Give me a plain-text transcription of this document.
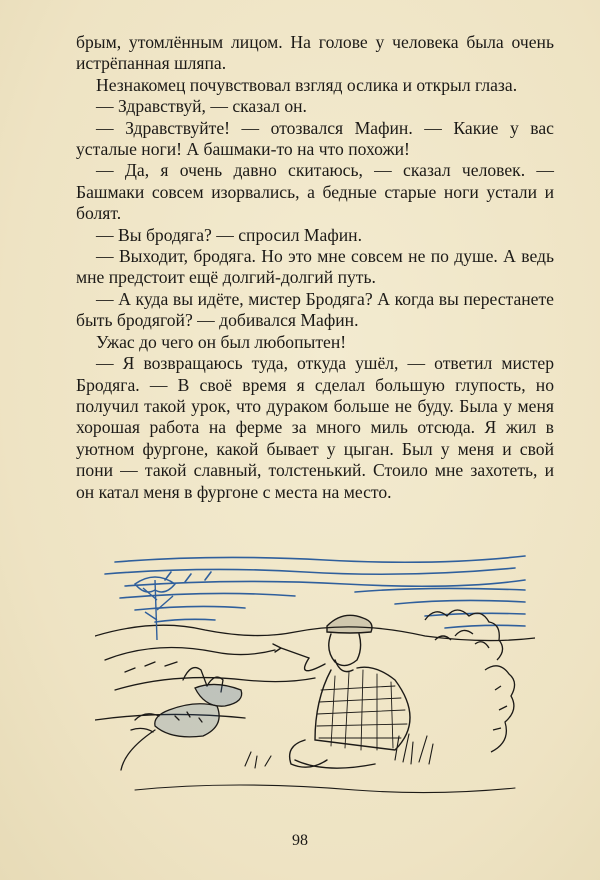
брым, утомлённым лицом. На голове у человека была очень истрёпанная шляпа.

Незнакомец почувствовал взгляд ослика и открыл глаза.

— Здравствуй, — сказал он.

— Здравствуйте! — отозвался Мафин. — Какие у вас усталые ноги! А башмаки-то на что похожи!

— Да, я очень давно скитаюсь, — сказал человек. — Башмаки совсем изорвались, а бедные старые ноги устали и болят.

— Вы бродяга? — спросил Мафин.

— Выходит, бродяга. Но это мне совсем не по душе. А ведь мне предстоит ещё долгий-долгий путь.

— А куда вы идёте, мистер Бродяга? А когда вы перестанете быть бродягой? — добивался Мафин.

Ужас до чего он был любопытен!

— Я возвращаюсь туда, откуда ушёл, — ответил мистер Бродяга. — В своё время я сделал большую глупость, но получил такой урок, что дураком больше не буду. Была у меня хорошая работа на ферме за много миль отсюда. Я жил в уютном фургоне, какой бывает у цыган. Был у меня и свой пони — такой славный, толстенький. Стоило мне захотеть, и он катал меня в фургоне с места на место.

98
